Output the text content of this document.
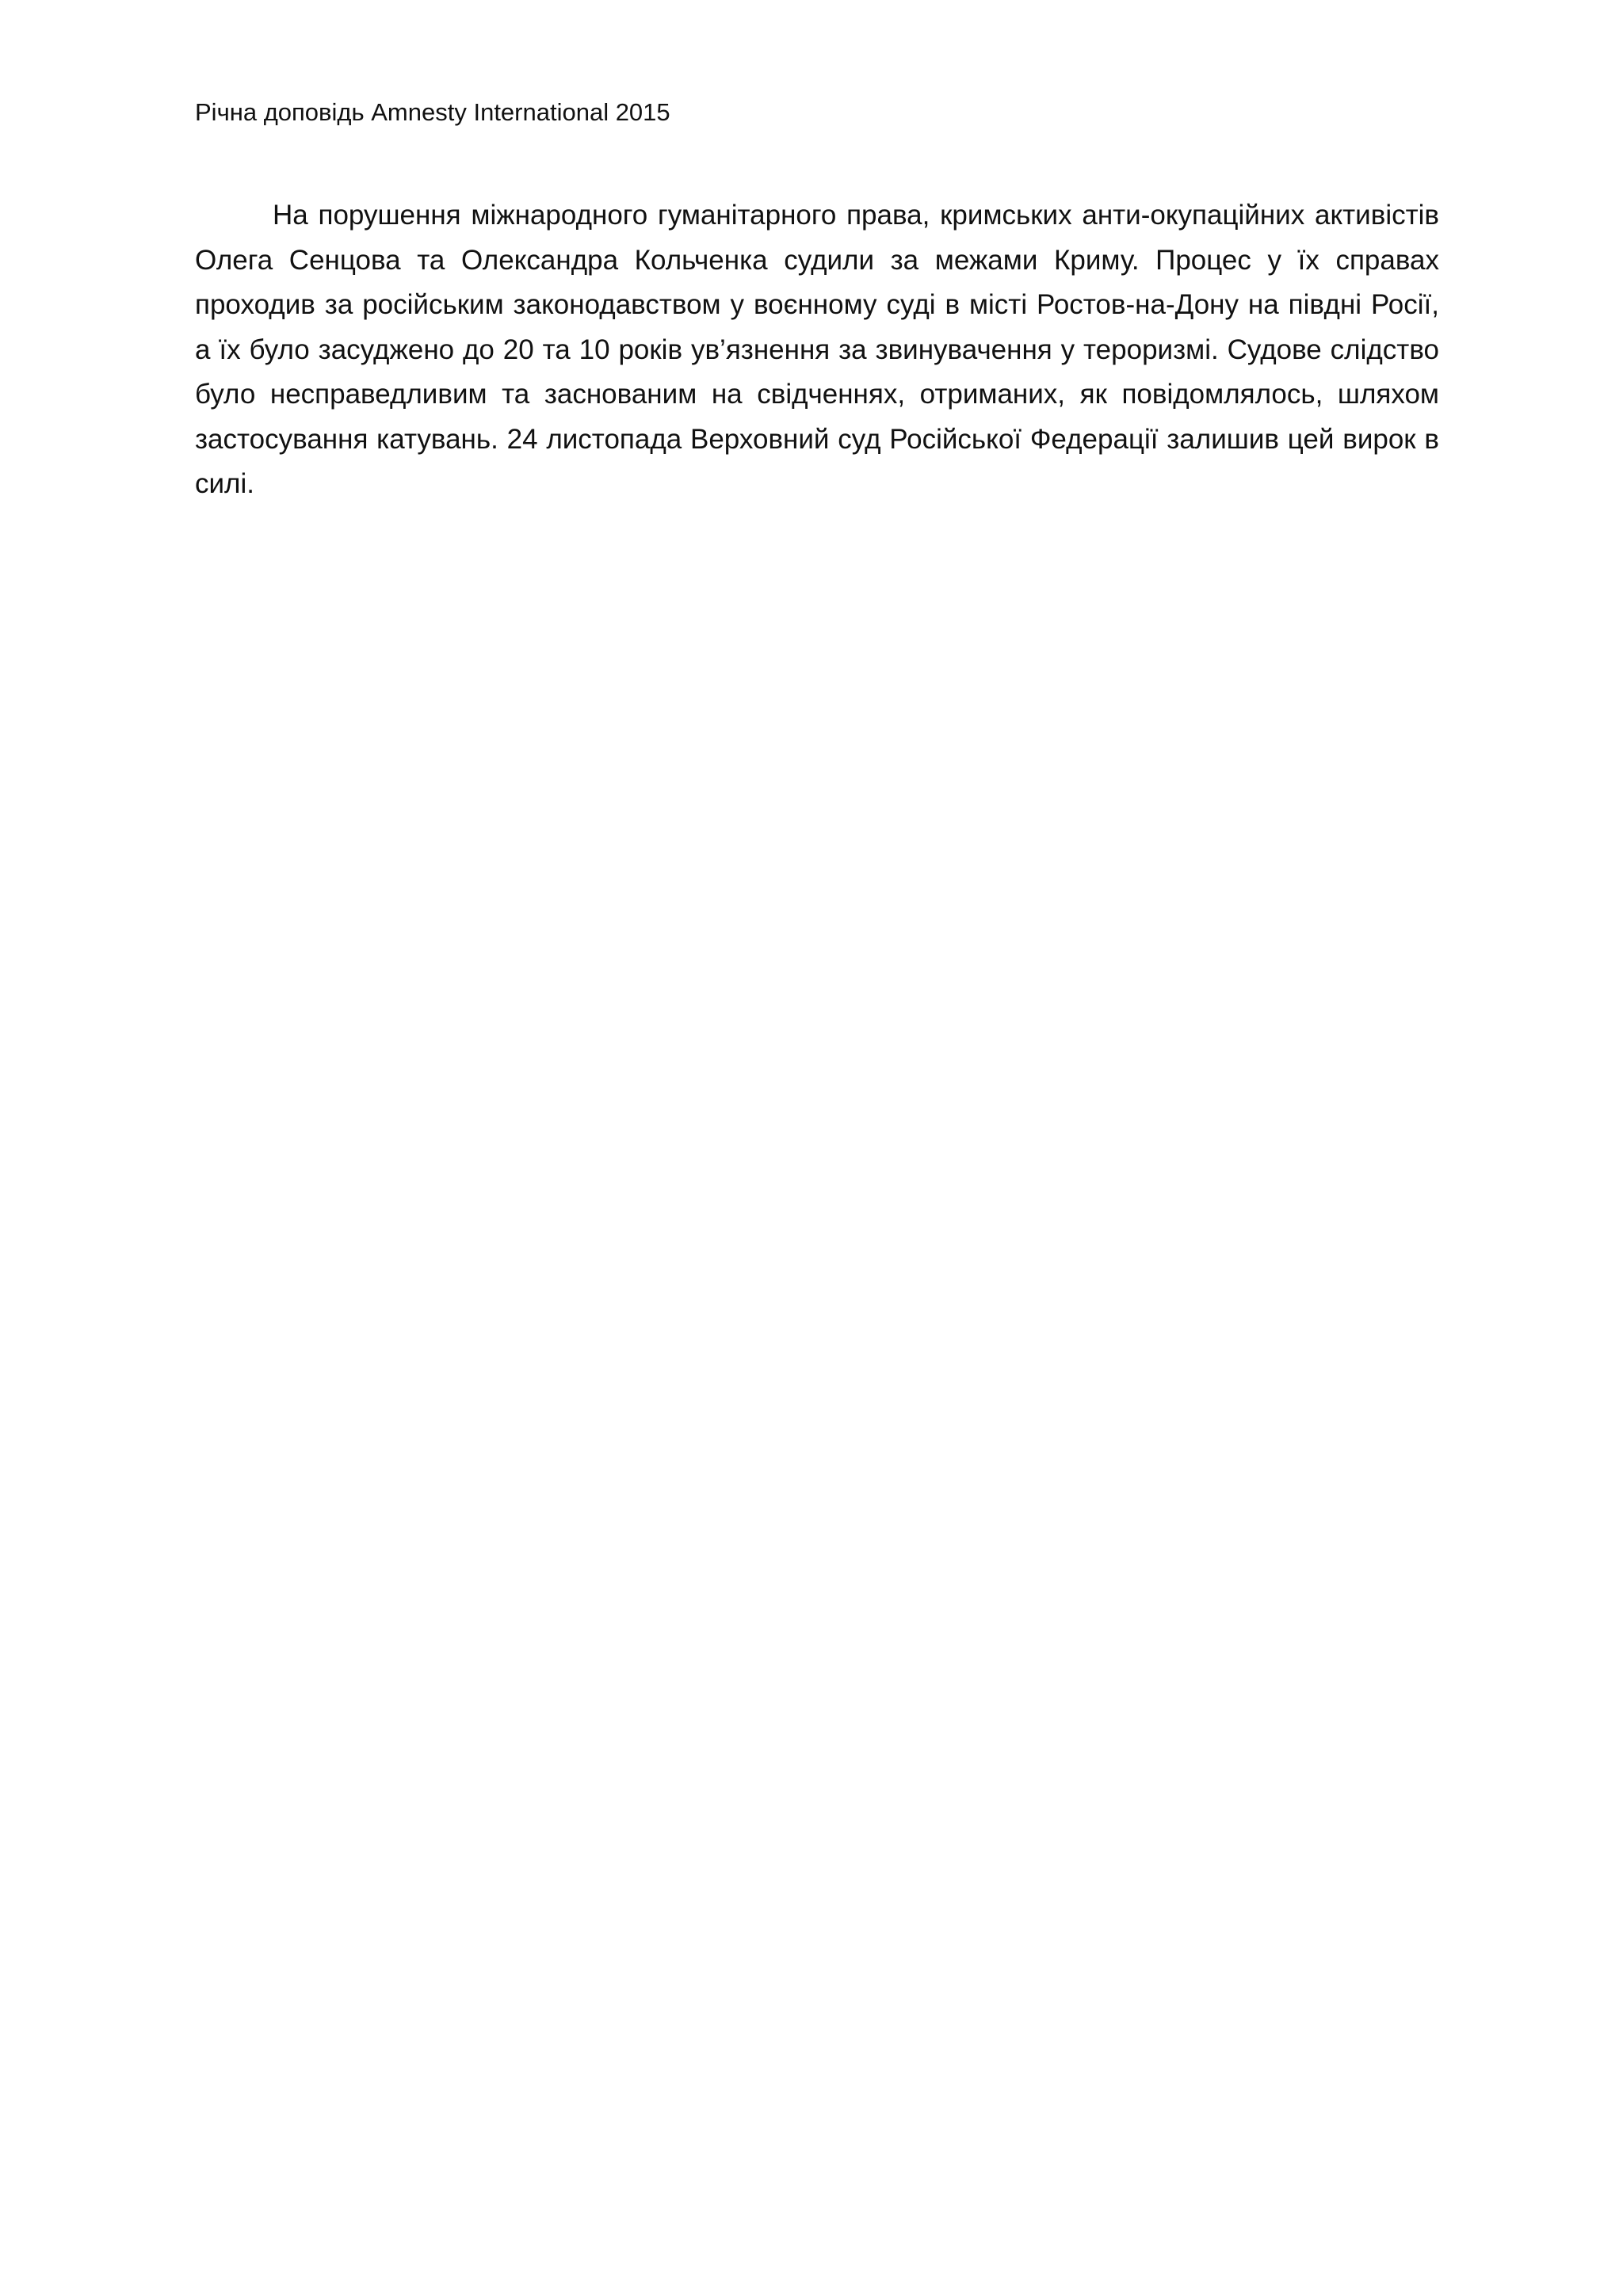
Річна доповідь Amnesty International 2015

На порушення міжнародного гуманітарного права, кримських анти-окупаційних активістів Олега Сенцова та Олександра Кольченка судили за межами Криму. Процес у їх справах проходив за російським законодавством у воєнному суді в місті Ростов-на-Дону на півдні Росії, а їх було засуджено до 20 та 10 років ув’язнення за звинувачення у тероризмі. Судове слідство було несправедливим та заснованим на свідченнях, отриманих, як повідомлялось, шляхом застосування катувань. 24 листопада Верховний суд Російської Федерації залишив цей вирок в силі.
